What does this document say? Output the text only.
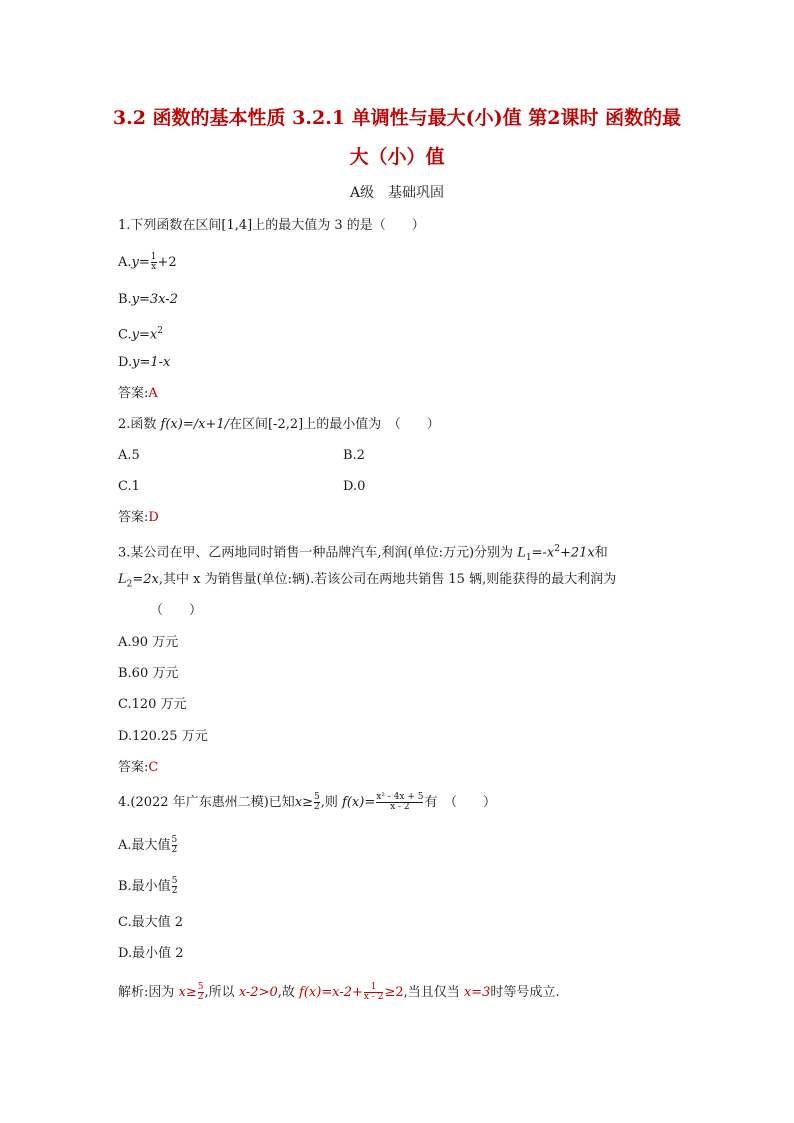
3.2 函数的基本性质 3.2.1 单调性与最大(小)值 第2课时 函数的最
大（小）值
A级　基础巩固
1.下列函数在区间[1,4]上的最大值为 3 的是（　　）
$A.y= \frac{1}{x} +2$
B.y=3x-2
$C.y=x^2$
D.y=1-x
答案:A
2.函数 f(x)=/x+1/在区间[-2,2]上的最小值为　（　　）
A.5	B.2
C.1	D.0
答案:D
3.某公司在甲、乙两地同时销售一种品牌汽车,利润(单位:万元)分别为 $L_1=-x^2+21x$和
$L_2=2x$,其中 x 为销售量(单位:辆).若该公司在两地共销售 15 辆,则能获得的最大利润为
（　　）
A.90 万元
B.60 万元
C.120 万元
D.120.25 万元
答案:C
4.(2022 年广东惠州二模)已知$x\ge \frac{5}{2}$ ,则 $f(x)= \frac{\text{x² - 4x + 5}}{x - 2}$ 有　（　　）
A.最大值 $\frac{5}{2}$
B.最小值 $\frac{5}{2}$
C.最大值 2
D.最小值 2
解析:因为 $x\ge \frac{5}{2}$ ,所以 x-2>0,故 $f(x)=x-2+ \frac{1}{x - 2} \ge 2$,当且仅当 x=3时等号成立.
